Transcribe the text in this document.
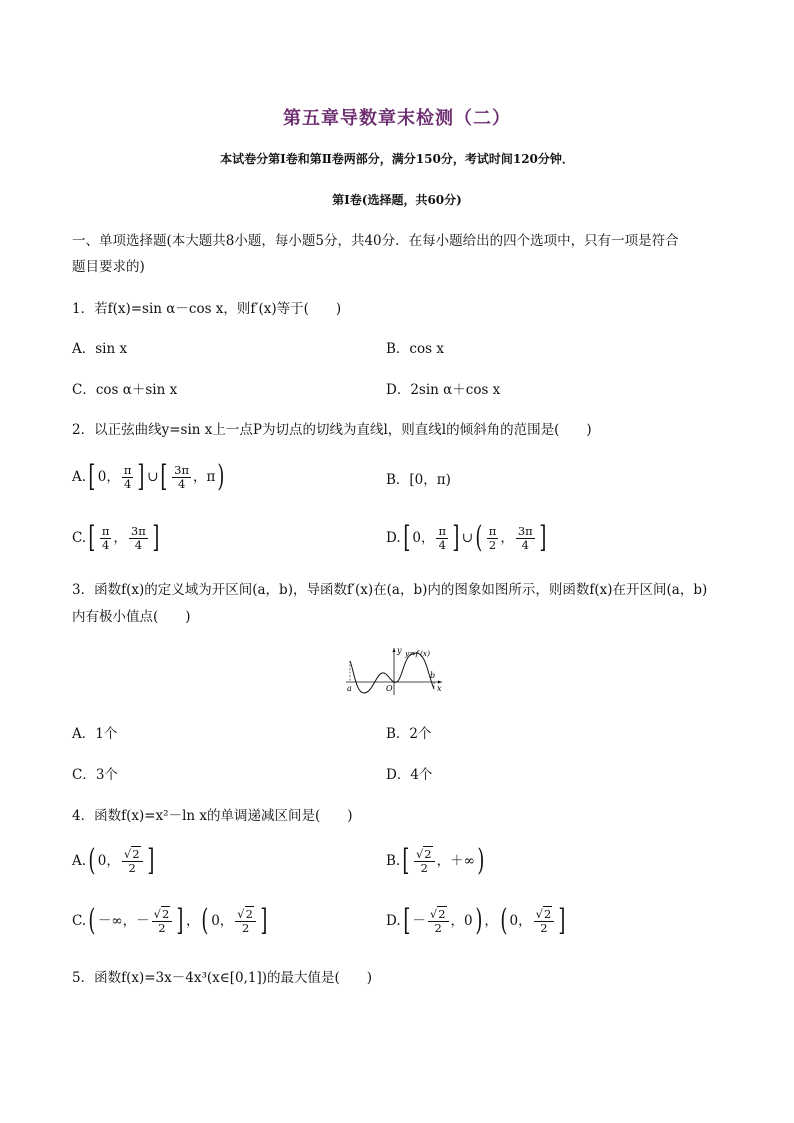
第五章导数章末检测（二）
本试卷分第Ⅰ卷和第Ⅱ卷两部分，满分150分，考试时间120分钟．
第Ⅰ卷(选择题，共60分)
一、单项选择题(本大题共8小题，每小题5分，共40分．在每小题给出的四个选项中，只有一项是符合
题目要求的)
1．若f(x)=sin α－cos x，则f′(x)等于(　　)
A．sin x	B．cos x
C．cos α＋sin x	D．2sin α＋cos x
2．以正弦曲线y=sin x上一点P为切点的切线为直线l，则直线l的倾斜角的范围是(　　)
A. [ 0， $\frac{\pi}{4}$ ] ∪ [ $\frac{3\pi}{4}$ ，π )	B．[0，π)
C. [ $\frac{\pi}{4}$ ， $\frac{3\pi}{4}$ ]	D. [ 0， $\frac{\pi}{4}$ ] ∪ ( $\frac{\pi}{2}$ ， $\frac{3\pi}{4}$ ]
3．函数f(x)的定义域为开区间(a，b)，导函数f′(x)在(a，b)内的图象如图所示，则函数f(x)在开区间(a，b)
内有极小值点(　　)
a
b
O
y
x
y=f′(x)
A．1个	B．2个
C．3个	D．4个
4．函数f(x)=x²－ln x的单调递减区间是(　　)
A. ( 0， $\frac{√2}{2}$ ]	B. [ $\frac{√2}{2}$ ，＋∞ )
C. ( －∞，－ $\frac{√2}{2}$ ] ， ( 0， $\frac{√2}{2}$ ]	D. [ － $\frac{√2}{2}$ ，0 ) ， ( 0， $\frac{√2}{2}$ ]
5．函数f(x)=3x－4x³(x∈[0,1])的最大值是(　　)
